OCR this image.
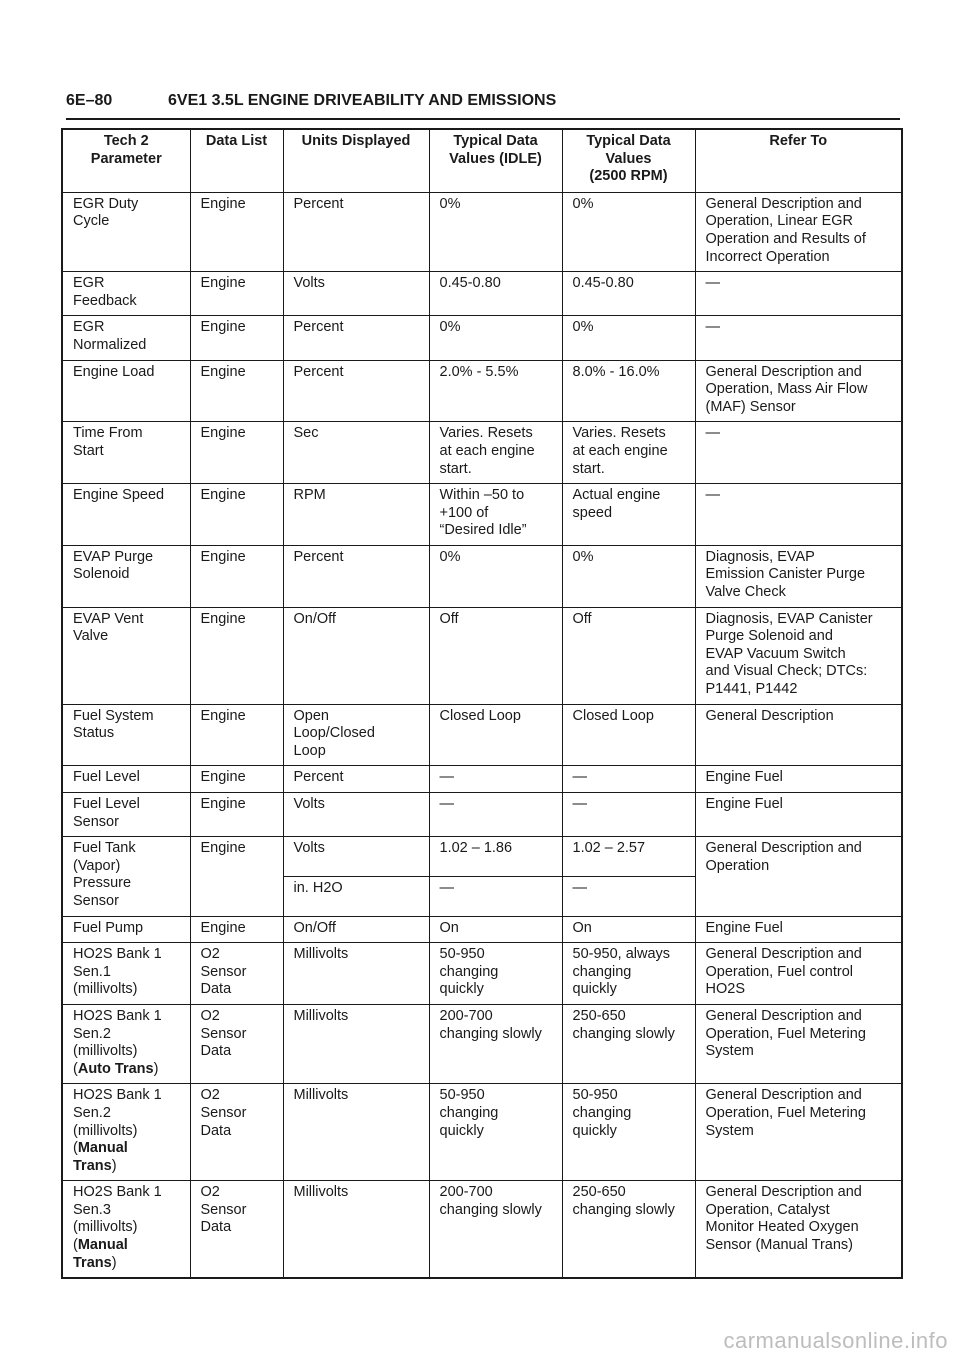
6E–80	6VE1 3.5L ENGINE DRIVEABILITY AND EMISSIONS
Tech 2
Parameter	Data List	Units Displayed	Typical Data
Values (IDLE)	Typical Data
Values
(2500 RPM)	Refer To
EGR Duty
Cycle	Engine	Percent	0%	0%	General Description and
Operation, Linear EGR
Operation and Results of
Incorrect Operation
EGR
Feedback	Engine	Volts	0.45-0.80	0.45-0.80	—
EGR
Normalized	Engine	Percent	0%	0%	—
Engine Load	Engine	Percent	2.0% - 5.5%	8.0% - 16.0%	General Description and
Operation, Mass Air Flow
(MAF) Sensor
Time From
Start	Engine	Sec	Varies. Resets
at each engine
start.	Varies. Resets
at each engine
start.	—
Engine Speed	Engine	RPM	Within –50 to
+100 of
“Desired Idle”	Actual engine
speed	—
EVAP Purge
Solenoid	Engine	Percent	0%	0%	Diagnosis, EVAP
Emission Canister Purge
Valve Check
EVAP Vent
Valve	Engine	On/Off	Off	Off	Diagnosis, EVAP Canister
Purge Solenoid and
EVAP Vacuum Switch
and Visual Check; DTCs:
P1441, P1442
Fuel System
Status	Engine	Open
Loop/Closed
Loop	Closed Loop	Closed Loop	General Description
Fuel Level	Engine	Percent	—	—	Engine Fuel
Fuel Level
Sensor	Engine	Volts	—	—	Engine Fuel
Fuel Tank
(Vapor)
Pressure
Sensor	Engine	Volts	1.02 – 1.86	1.02 – 2.57	General Description and
Operation
		in. H2O	—	—	
Fuel Pump	Engine	On/Off	On	On	Engine Fuel
HO2S Bank 1
Sen.1
(millivolts)	O2
Sensor
Data	Millivolts	50-950
changing
quickly	50-950, always
changing
quickly	General Description and
Operation, Fuel control
HO2S
HO2S Bank 1
Sen.2
(millivolts)
(Auto Trans)	O2
Sensor
Data	Millivolts	200-700
changing slowly	250-650
changing slowly	General Description and
Operation, Fuel Metering
System
HO2S Bank 1
Sen.2
(millivolts)
(Manual
Trans)	O2
Sensor
Data	Millivolts	50-950
changing
quickly	50-950
changing
quickly	General Description and
Operation, Fuel Metering
System
HO2S Bank 1
Sen.3
(millivolts)
(Manual
Trans)	O2
Sensor
Data	Millivolts	200-700
changing slowly	250-650
changing slowly	General Description and
Operation, Catalyst
Monitor Heated Oxygen
Sensor (Manual Trans)
carmanualsonline.info
